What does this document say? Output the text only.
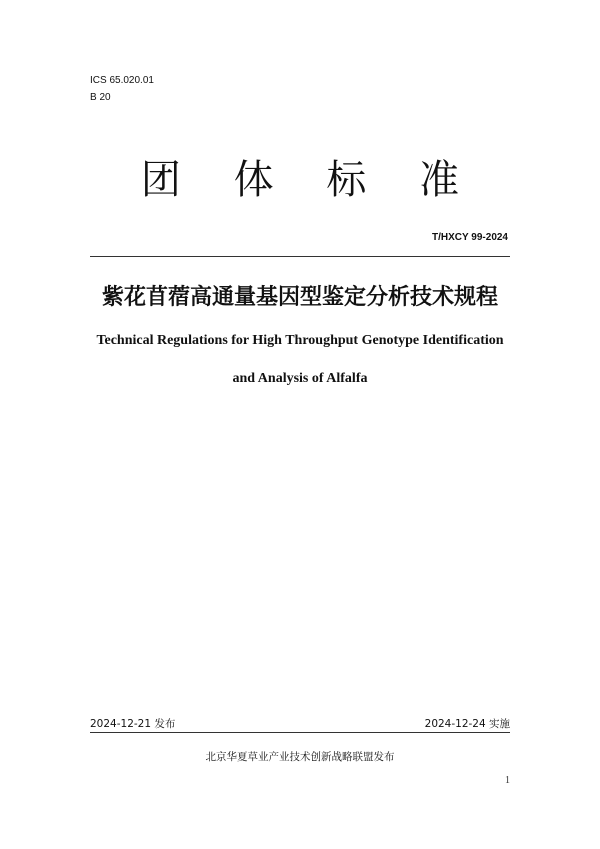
ICS 65.020.01
B 20
团 体 标 准
T/HXCY 99-2024
紫花苜蓿高通量基因型鉴定分析技术规程
Technical Regulations for High Throughput Genotype Identification
and Analysis of Alfalfa
2024-12-21 发布	2024-12-24 实施
北京华夏草业产业技术创新战略联盟发布
1
